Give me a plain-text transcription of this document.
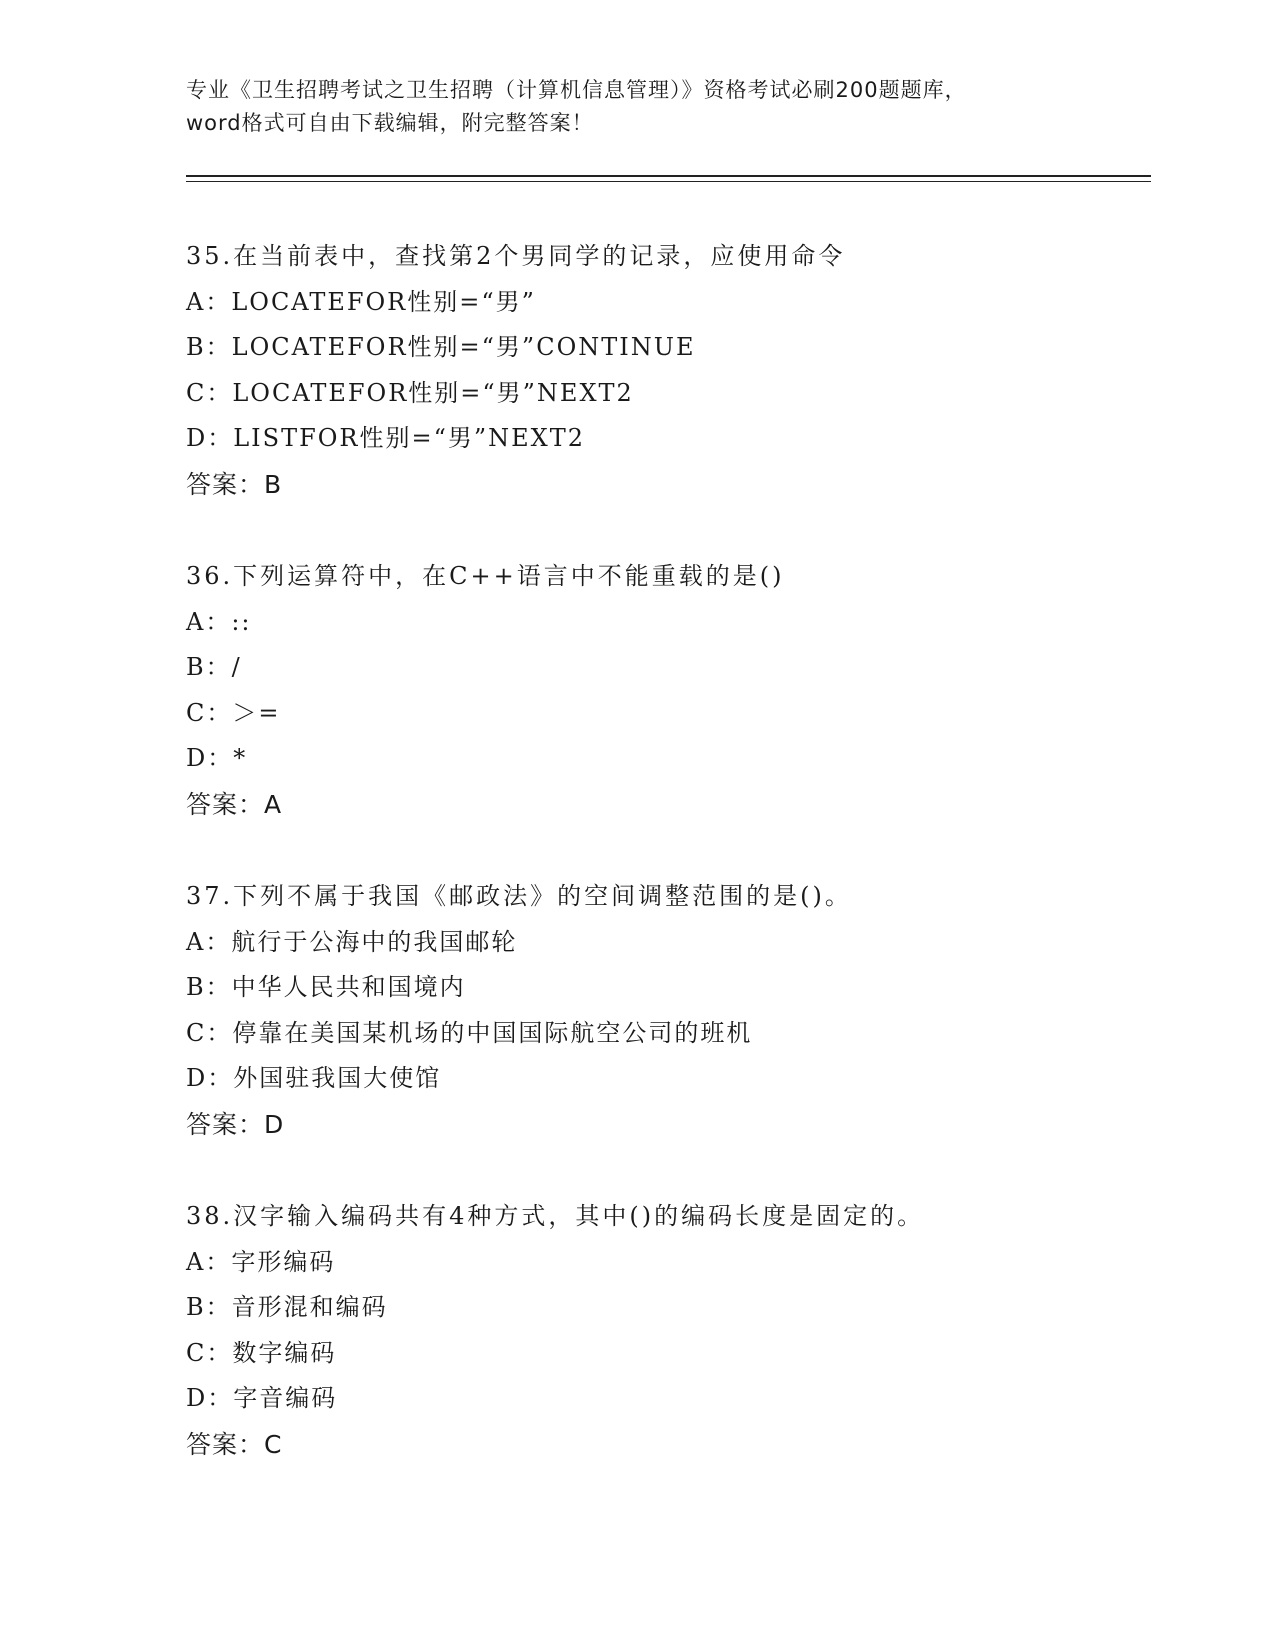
专业《卫生招聘考试之卫生招聘（计算机信息管理）》资格考试必刷200题题库，
word格式可自由下载编辑，附完整答案！
35.在当前表中，查找第2个男同学的记录，应使用命令
A：LOCATEFOR性别=“男”
B：LOCATEFOR性别=“男”CONTINUE
C：LOCATEFOR性别=“男”NEXT2
D：LISTFOR性别=“男”NEXT2
答案：B
36.下列运算符中，在C++语言中不能重载的是()
A：::
B：/
C：＞=
D：*
答案：A
37.下列不属于我国《邮政法》的空间调整范围的是()。
A：航行于公海中的我国邮轮
B：中华人民共和国境内
C：停靠在美国某机场的中国国际航空公司的班机
D：外国驻我国大使馆
答案：D
38.汉字输入编码共有4种方式，其中()的编码长度是固定的。
A：字形编码
B：音形混和编码
C：数字编码
D：字音编码
答案：C
